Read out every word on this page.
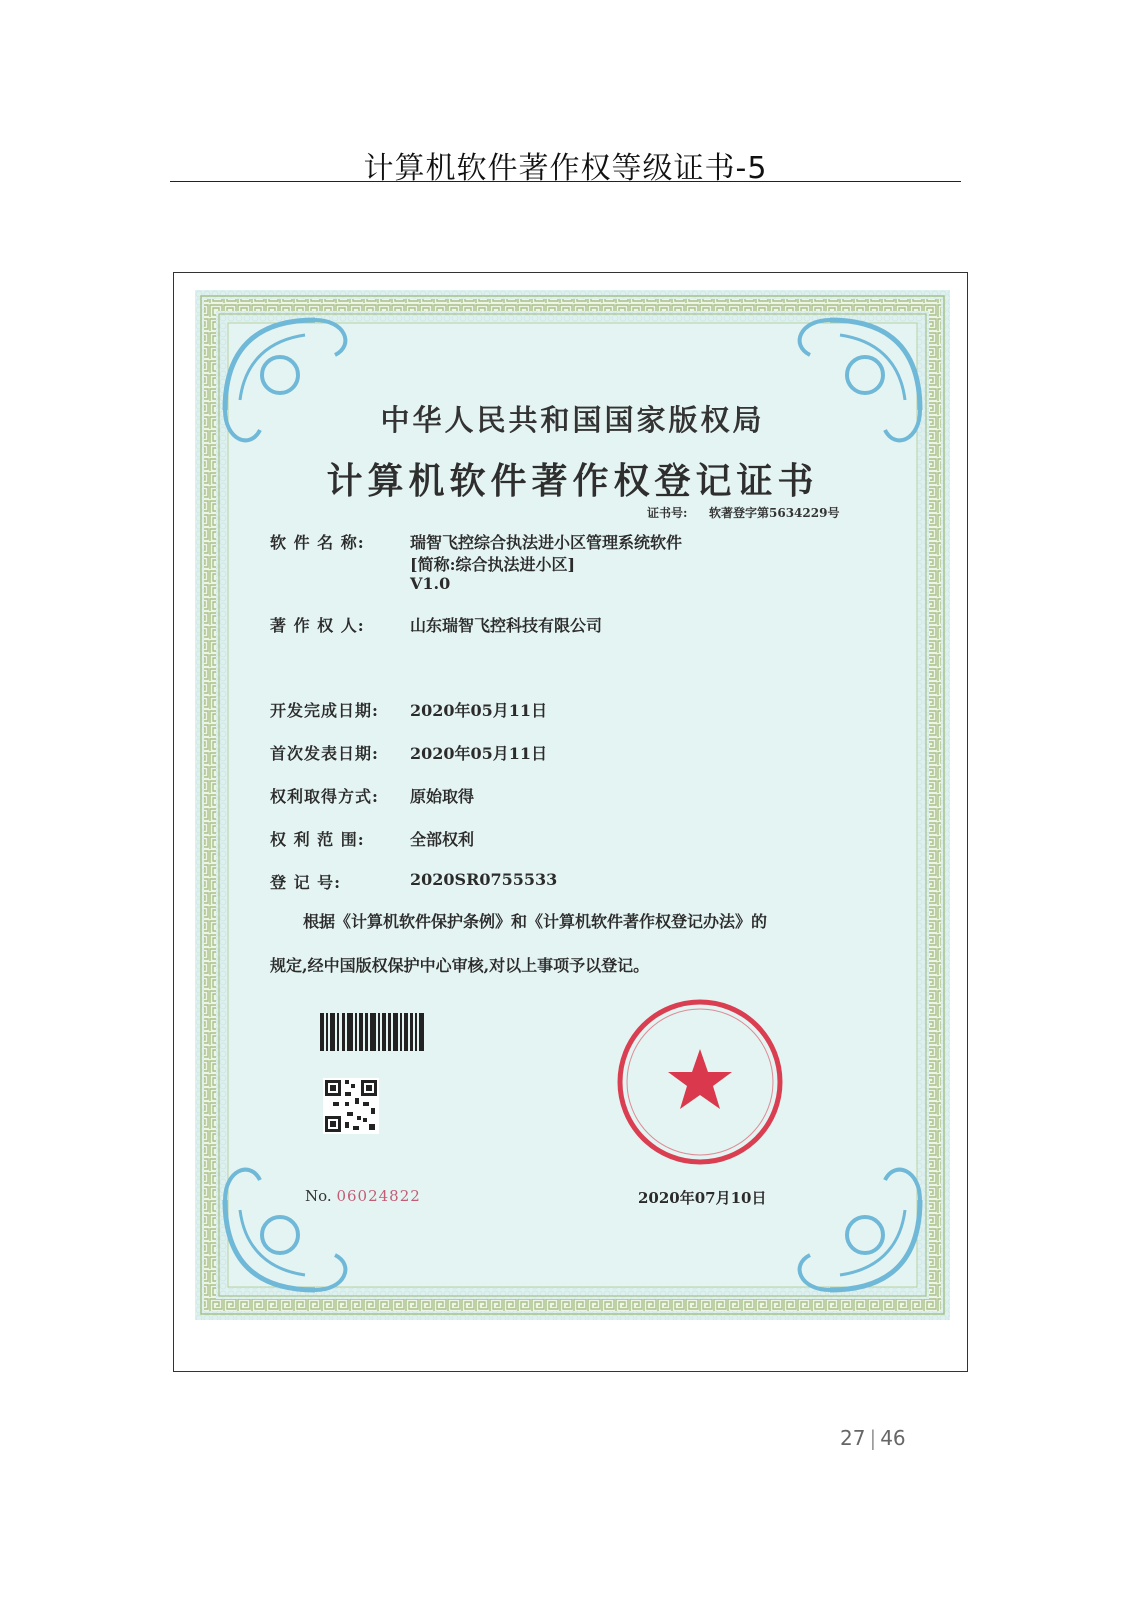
计算机软件著作权等级证书-5
中华人民共和国国家版权局
计算机软件著作权登记证书
证书号: 软著登字第5634229号
软 件 名 称:	瑞智飞控综合执法进小区管理系统软件
[简称:综合执法进小区]
V1.0
著 作 权 人:	山东瑞智飞控科技有限公司
开发完成日期:	2020年05月11日
首次发表日期:	2020年05月11日
权利取得方式:	原始取得
权 利 范 围:	全部权利
登 记 号:	2020SR0755533
根据《计算机软件保护条例》和《计算机软件著作权登记办法》的
规定,经中国版权保护中心审核,对以上事项予以登记。
No. 06024822	2020年07月10日
27 | 46
